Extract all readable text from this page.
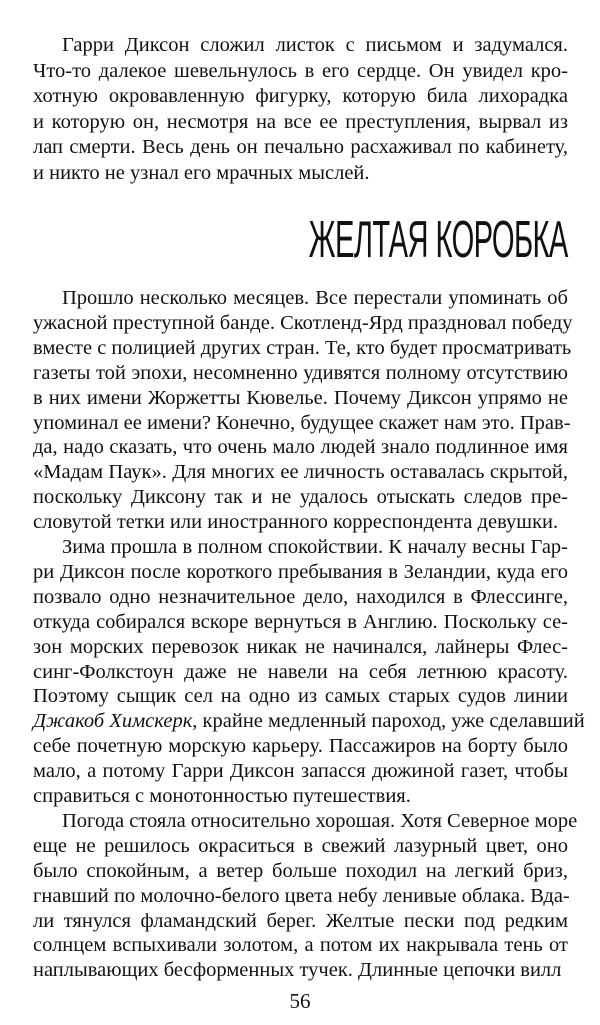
Гарри Диксон сложил листок с письмом и задумался.
Что-то далекое шевельнулось в его сердце. Он увидел кро-
хотную окровавленную фигурку, которую била лихорадка
и которую он, несмотря на все ее преступления, вырвал из
лап смерти. Весь день он печально расхаживал по кабинету,
и никто не узнал его мрачных мыслей.
ЖЕЛТАЯ КОРОБКА
Прошло несколько месяцев. Все перестали упоминать об
ужасной преступной банде. Скотленд-Ярд праздновал победу
вместе с полицией других стран. Те, кто будет просматривать
газеты той эпохи, несомненно удивятся полному отсутствию
в них имени Жоржетты Кювелье. Почему Диксон упрямо не
упоминал ее имени? Конечно, будущее скажет нам это. Прав-
да, надо сказать, что очень мало людей знало подлинное имя
«Мадам Паук». Для многих ее личность оставалась скрытой,
поскольку Диксону так и не удалось отыскать следов пре-
словутой тетки или иностранного корреспондента девушки.
Зима прошла в полном спокойствии. К началу весны Гар-
ри Диксон после короткого пребывания в Зеландии, куда его
позвало одно незначительное дело, находился в Флессинге,
откуда собирался вскоре вернуться в Англию. Поскольку се-
зон морских перевозок никак не начинался, лайнеры Флес-
синг-Фолкстоун даже не навели на себя летнюю красоту.
Поэтому сыщик сел на одно из самых старых судов линии
Джакоб Химскерк, крайне медленный пароход, уже сделавший
себе почетную морскую карьеру. Пассажиров на борту было
мало, а потому Гарри Диксон запасся дюжиной газет, чтобы
справиться с монотонностью путешествия.
Погода стояла относительно хорошая. Хотя Северное море
еще не решилось окраситься в свежий лазурный цвет, оно
было спокойным, а ветер больше походил на легкий бриз,
гнавший по молочно-белого цвета небу ленивые облака. Вда-
ли тянулся фламандский берег. Желтые пески под редким
солнцем вспыхивали золотом, а потом их накрывала тень от
наплывающих бесформенных тучек. Длинные цепочки вилл
56
